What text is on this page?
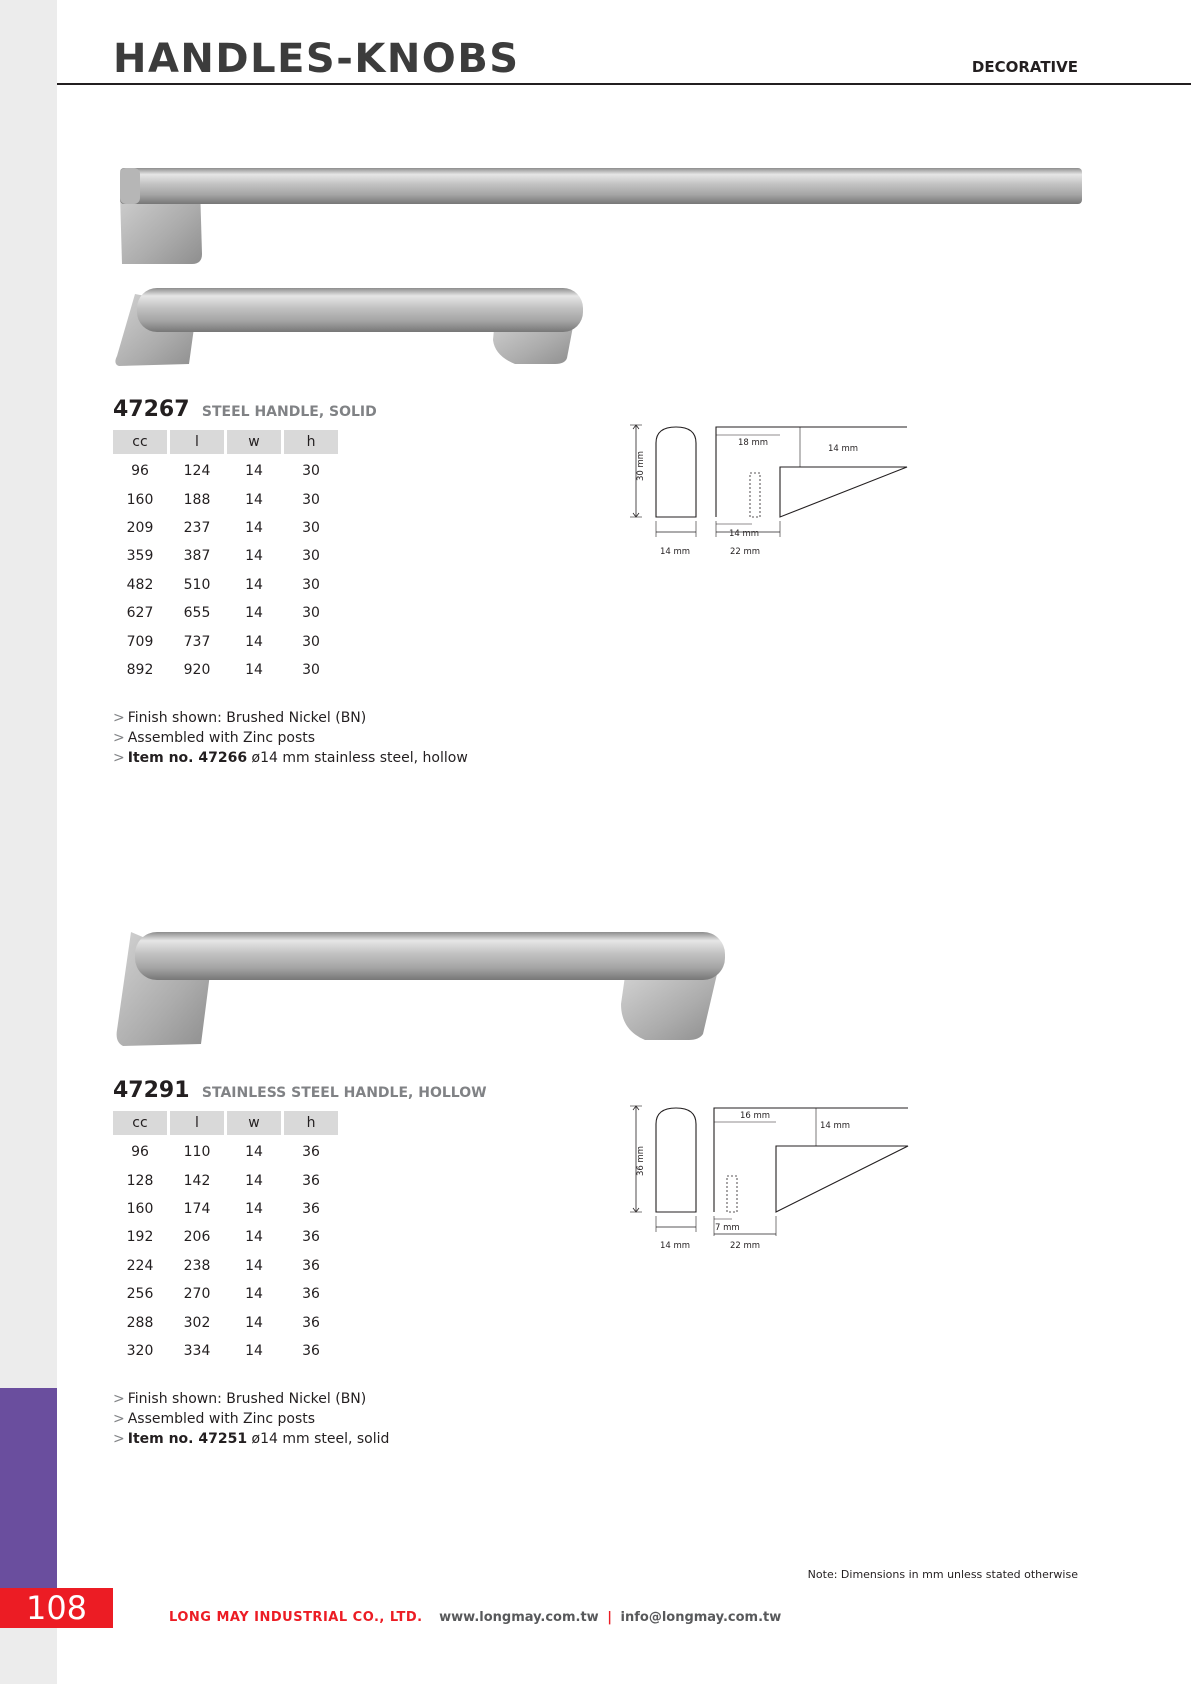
108
HANDLES-KNOBS	DECORATIVE
47267 STEEL HANDLE, SOLID
cc	l	w	h
96	124	14	30
160	188	14	30
209	237	14	30
359	387	14	30
482	510	14	30
627	655	14	30
709	737	14	30
892	920	14	30
> Finish shown: Brushed Nickel (BN)
> Assembled with Zinc posts
> Item no. 47266 ø14 mm stainless steel, hollow
30 mm
14 mm
18 mm
14 mm
14 mm
22 mm
47291 STAINLESS STEEL HANDLE, HOLLOW
cc	l	w	h
96	110	14	36
128	142	14	36
160	174	14	36
192	206	14	36
224	238	14	36
256	270	14	36
288	302	14	36
320	334	14	36
> Finish shown: Brushed Nickel (BN)
> Assembled with Zinc posts
> Item no. 47251 ø14 mm steel, solid
36 mm
14 mm
16 mm
14 mm
7 mm
22 mm
Note: Dimensions in mm unless stated otherwise
LONG MAY INDUSTRIAL CO., LTD. www.longmay.com.tw | info@longmay.com.tw
